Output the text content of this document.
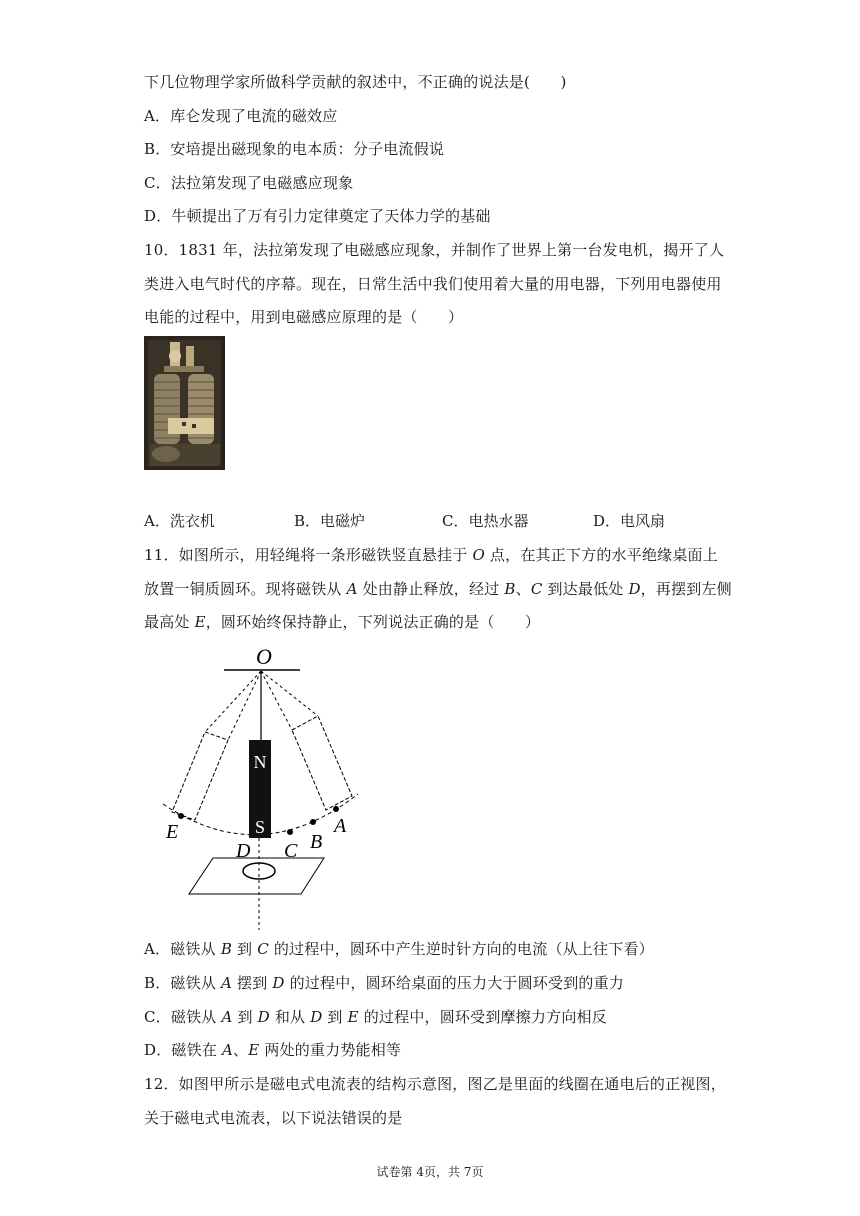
下几位物理学家所做科学贡献的叙述中，不正确的说法是(　　)
A．库仑发现了电流的磁效应
B．安培提出磁现象的电本质：分子电流假说
C．法拉第发现了电磁感应现象
D．牛顿提出了万有引力定律奠定了天体力学的基础
10．1831 年，法拉第发现了电磁感应现象，并制作了世界上第一台发电机，揭开了人
类进入电气时代的序幕。现在，日常生活中我们使用着大量的用电器，下列用电器使用
电能的过程中，用到电磁感应原理的是（　　）
A．洗衣机	B．电磁炉	C．电热水器	D．电风扇
11．如图所示，用轻绳将一条形磁铁竖直悬挂于 O 点，在其正下方的水平绝缘桌面上
放置一铜质圆环。现将磁铁从 A 处由静止释放，经过 B、C 到达最低处 D，再摆到左侧
最高处 E，圆环始终保持静止，下列说法正确的是（　　）
O
N
S
E
D C B
A
A．磁铁从 B 到 C 的过程中，圆环中产生逆时针方向的电流（从上往下看）
B．磁铁从 A 摆到 D 的过程中，圆环给桌面的压力大于圆环受到的重力
C．磁铁从 A 到 D 和从 D 到 E 的过程中，圆环受到摩擦力方向相反
D．磁铁在 A、E 两处的重力势能相等
12．如图甲所示是磁电式电流表的结构示意图，图乙是里面的线圈在通电后的正视图，
关于磁电式电流表，以下说法错误的是
试卷第 4页，共 7页
